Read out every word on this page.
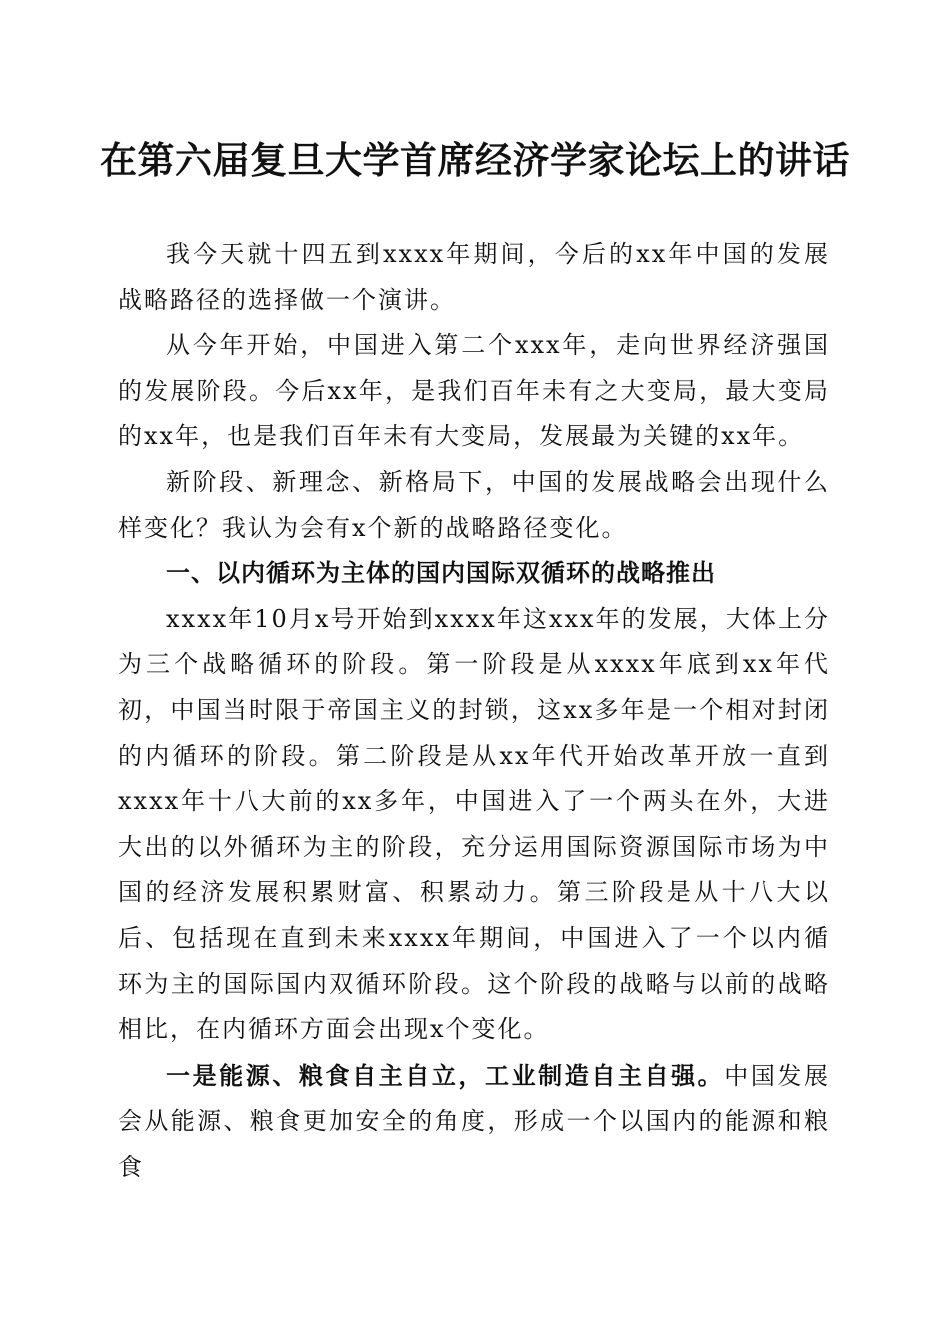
在第六届复旦大学首席经济学家论坛上的讲话

我今天就十四五到xxxx年期间，今后的xx年中国的发展战略路径的选择做一个演讲。

从今年开始，中国进入第二个xxx年，走向世界经济强国的发展阶段。今后xx年，是我们百年未有之大变局，最大变局的xx年，也是我们百年未有大变局，发展最为关键的xx年。

新阶段、新理念、新格局下，中国的发展战略会出现什么样变化？我认为会有x个新的战略路径变化。

一、以内循环为主体的国内国际双循环的战略推出

xxxx年10月x号开始到xxxx年这xxx年的发展，大体上分为三个战略循环的阶段。第一阶段是从xxxx年底到xx年代初，中国当时限于帝国主义的封锁，这xx多年是一个相对封闭的内循环的阶段。第二阶段是从xx年代开始改革开放一直到xxxx年十八大前的xx多年，中国进入了一个两头在外，大进大出的以外循环为主的阶段，充分运用国际资源国际市场为中国的经济发展积累财富、积累动力。第三阶段是从十八大以后、包括现在直到未来xxxx年期间，中国进入了一个以内循环为主的国际国内双循环阶段。这个阶段的战略与以前的战略相比，在内循环方面会出现x个变化。

一是能源、粮食自主自立，工业制造自主自强。中国发展会从能源、粮食更加安全的角度，形成一个以国内的能源和粮食
